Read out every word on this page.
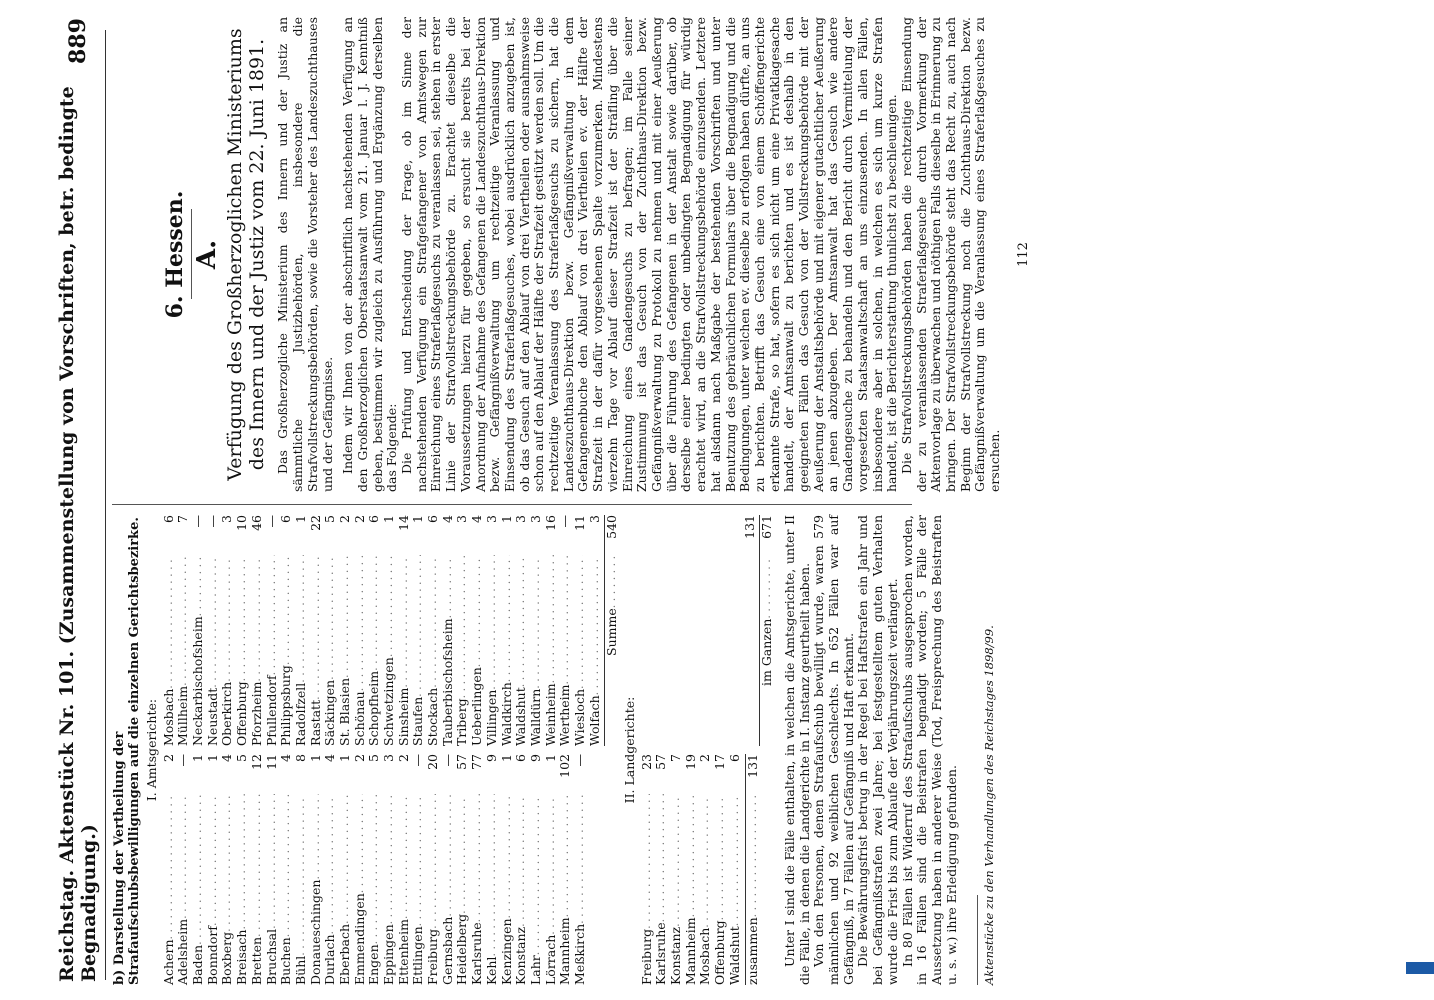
Reichstag. Aktenstück Nr. 101. (Zusammenstellung von Vorschriften, betr. bedingte Begnadigung.)
889
b) Darstellung der Vertheilung der Strafaufschubsbewilligungen auf die einzelnen Gerichtsbezirke. I. Amtsgerichte:
Achern
. . .
2
Adelsheim
. . .
—
Baden
. . .
1
Bonndorf
. . .
1
Boxberg
. . .
4
Breisach
. . .
5
Bretten
. . .
12
Bruchsal
. . .
11
Buchen
. . .
4
Bühl
. . .
8
Donaueschingen
. . .
1
Durlach
. . .
4
Eberbach
. . .
1
Emmendingen
. . .
2
Engen
. . .
5
Eppingen
. . .
3
Ettenheim
. . .
2
Ettlingen
. . .
—
Freiburg
. . .
20
Gernsbach
. . .
—
Heidelberg
. . .
57
Karlsruhe
. . .
77
Kehl
. . .
9
Kenzingen
. . .
1
Konstanz
. . .
6
Lahr
. . .
9
Lörrach
. . .
1
Mannheim
. . .
102
Meßkirch
. . .
—
Mosbach
. . .
6
Müllheim
. . .
7
Neckarbischofsheim
. . .
—
Neustadt
. . .
—
Oberkirch
. . .
3
Offenburg
. . .
10
Pforzheim
. . .
46
Pfullendorf
. . .
—
Philippsburg
. . .
6
Radolfzell
. . .
1
Rastatt
. . .
22
Säckingen
. . .
5
St. Blasien
. . .
2
Schönau
. . .
2
Schopfheim
. . .
6
Schwetzingen
. . .
1
Sinsheim
. . .
14
Staufen
. . .
1
Stockach
. . .
6
Tauberbischofsheim
. . .
4
Triberg
. . .
3
Ueberlingen
. . .
4
Villingen
. . .
3
Waldkirch
. . .
1
Waldshut
. . .
3
Walldürn
. . .
3
Weinheim
. . .
16
Wertheim
. . .
—
Wiesloch
. . .
11
Wolfach
. . .
3
Summe
. . .
540
II. Landgerichte:
Freiburg
. . .
23
Karlsruhe
. . .
57
Konstanz
. . .
7
Mannheim
. . .
19
Mosbach
. . .
2
Offenburg
. . .
17
Waldshut
. . .
6
zusammen
. . .
131
131
im Ganzen
. . .
671 Unter I sind die Fälle enthalten, in welchen die Amtsgerichte, unter II die Fälle, in denen die Landgerichte in I. Instanz geurtheilt haben. Von den Personen, denen Strafaufschub bewilligt wurde, waren 579 männlichen und 92 weiblichen Geschlechts. In 652 Fällen war auf Gefängniß, in 7 Fällen auf Gefängniß und Haft erkannt. Die Bewährungsfrist betrug in der Regel bei Haftstrafen ein Jahr und bei Gefängnißstrafen zwei Jahre; bei festgestelltem guten Verhalten wurde die Frist bis zum Ablaufe der Verjährungszeit verlängert. In 80 Fällen ist Widerruf des Strafaufschubs ausgesprochen worden, in 16 Fällen sind die Beistrafen begnadigt worden; 5 Fälle der Aussetzung haben in anderer Weise (Tod, Freisprechung des Beistraften u. s. w.) ihre Erledigung gefunden. Aktenstücke zu den Verhandlungen des Reichstages 1898/99.
6. Hessen. A. Verfügung des Großherzoglichen Ministeriums des Innern und der Justiz vom 22. Juni 1891. Das Großherzogliche Ministerium des Innern und der Justiz an sämmtliche Justizbehörden, insbesondere die Strafvollstreckungsbehörden, sowie die Vorsteher des Landeszuchthauses und der Gefängnisse. Indem wir Ihnen von der abschriftlich nachstehenden Verfügung an den Großherzoglichen Oberstaatsanwalt vom 21. Januar l. J. Kenntniß geben, bestimmen wir zugleich zu Ausführung und Ergänzung derselben das Folgende: Die Prüfung und Entscheidung der Frage, ob im Sinne der nachstehenden Verfügung ein Strafgefangener von Amtswegen zur Einreichung eines Straferlaßgesuchs zu veranlassen sei, stehen in erster Linie der Strafvollstreckungsbehörde zu. Erachtet dieselbe die Voraussetzungen hierzu für gegeben, so ersucht sie bereits bei der Anordnung der Aufnahme des Gefangenen die Landeszuchthaus-Direktion bezw. Gefängnißverwaltung um rechtzeitige Veranlassung und Einsendung des Straferlaßgesuches, wobei ausdrücklich anzugeben ist, ob das Gesuch auf den Ablauf von drei Viertheilen oder ausnahmsweise schon auf den Ablauf der Hälfte der Strafzeit gestützt werden soll. Um die rechtzeitige Veranlassung des Straferlaßgesuchs zu sichern, hat die Landeszuchthaus-Direktion bezw. Gefängnißverwaltung in dem Gefangenenbuche den Ablauf von drei Viertheilen ev. der Hälfte der Strafzeit in der dafür vorgesehenen Spalte vorzumerken. Mindestens vierzehn Tage vor Ablauf dieser Strafzeit ist der Sträfling über die Einreichung eines Gnadengesuchs zu befragen; im Falle seiner Zustimmung ist das Gesuch von der Zuchthaus-Direktion bezw. Gefängnißverwaltung zu Protokoll zu nehmen und mit einer Aeußerung über die Führung des Gefangenen in der Anstalt sowie darüber, ob derselbe einer bedingten oder unbedingten Begnadigung für würdig erachtet wird, an die Strafvollstreckungsbehörde einzusenden. Letztere hat alsdann nach Maßgabe der bestehenden Vorschriften und unter Benutzung des gebräuchlichen Formulars über die Begnadigung und die Bedingungen, unter welchen ev. dieselbe zu erfolgen haben dürfte, an uns zu berichten. Betrifft das Gesuch eine von einem Schöffengerichte erkannte Strafe, so hat, sofern es sich nicht um eine Privatklagesache handelt, der Amtsanwalt zu berichten und es ist deshalb in den geeigneten Fällen das Gesuch von der Vollstreckungsbehörde mit der Aeußerung der Anstaltsbehörde und mit eigener gutachtlicher Aeußerung an jenen abzugeben. Der Amtsanwalt hat das Gesuch wie andere Gnadengesuche zu behandeln und den Bericht durch Vermittelung der vorgesetzten Staatsanwaltschaft an uns einzusenden. In allen Fällen, insbesondere aber in solchen, in welchen es sich um kurze Strafen handelt, ist die Berichterstattung thunlichst zu beschleunigen. Die Strafvollstreckungsbehörden haben die rechtzeitige Einsendung der zu veranlassenden Straferlaßgesuche durch Vormerkung der Aktenvorlage zu überwachen und nöthigen Falls dieselbe in Erinnerung zu bringen. Der Strafvollstreckungsbehörde steht das Recht zu, auch nach Beginn der Strafvollstreckung noch die Zuchthaus-Direktion bezw. Gefängnißverwaltung um die Veranlassung eines Straferlaßgesuches zu ersuchen.

112
